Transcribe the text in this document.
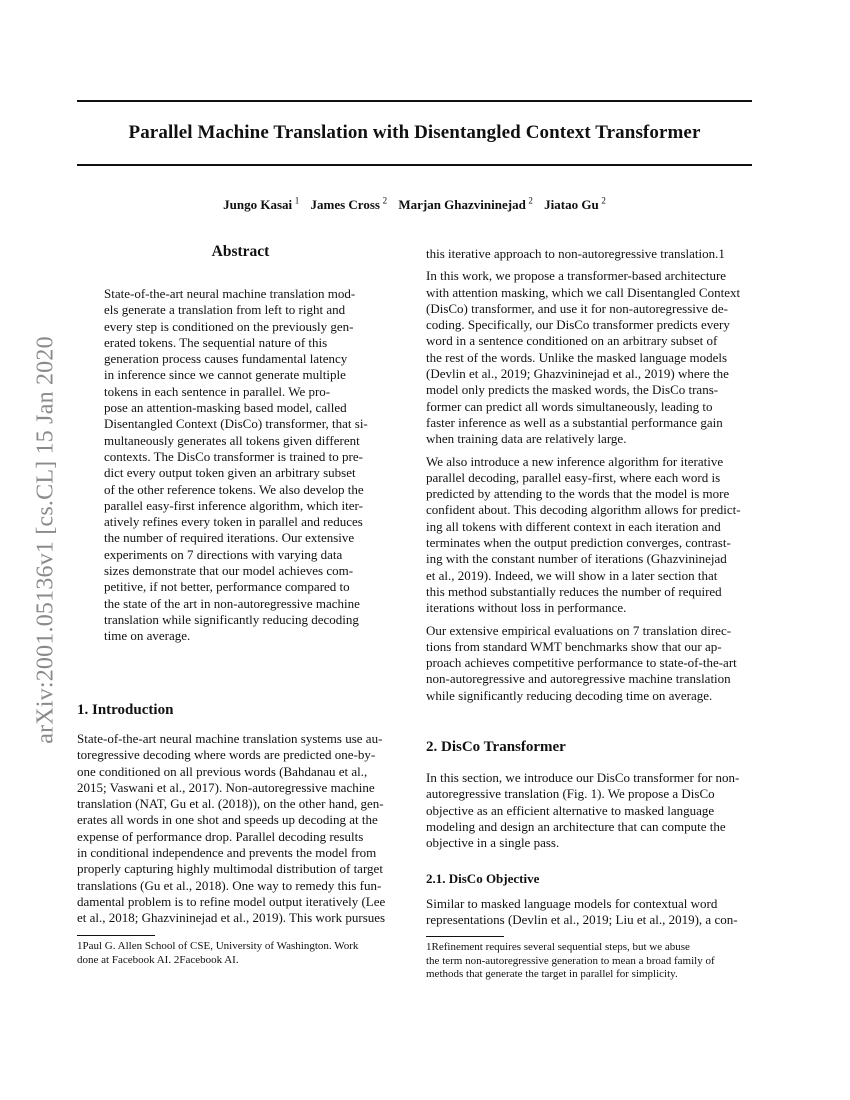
Parallel Machine Translation with Disentangled Context Transformer
Jungo Kasai  $^1$ James Cross  $^2$ Marjan Ghazvininejad  $^2$ Jiatao Gu  $^2$
arXiv:2001.05136v1 [cs.CL] 15 Jan 2020
Abstract
State-of-the-art neural machine translation mod-
els generate a translation from left to right and
every step is conditioned on the previously gen-
erated tokens. The sequential nature of this
generation process causes fundamental latency
in inference since we cannot generate multiple
tokens in each sentence in parallel. We pro-
pose an attention-masking based model, called
Disentangled Context (DisCo) transformer, that si-
multaneously generates all tokens given different
contexts. The DisCo transformer is trained to pre-
dict every output token given an arbitrary subset
of the other reference tokens. We also develop the
parallel easy-first inference algorithm, which iter-
atively refines every token in parallel and reduces
the number of required iterations. Our extensive
experiments on 7 directions with varying data
sizes demonstrate that our model achieves com-
petitive, if not better, performance compared to
the state of the art in non-autoregressive machine
translation while significantly reducing decoding
time on average.
1. Introduction
State-of-the-art neural machine translation systems use au-
toregressive decoding where words are predicted one-by-
one conditioned on all previous words (Bahdanau et al.,
2015; Vaswani et al., 2017). Non-autoregressive machine
translation (NAT, Gu et al. (2018)), on the other hand, gen-
erates all words in one shot and speeds up decoding at the
expense of performance drop. Parallel decoding results
in conditional independence and prevents the model from
properly capturing highly multimodal distribution of target
translations (Gu et al., 2018). One way to remedy this fun-
damental problem is to refine model output iteratively (Lee
et al., 2018; Ghazvininejad et al., 2019). This work pursues
1Paul G. Allen School of CSE, University of Washington. Work
done at Facebook AI. 2Facebook AI.
this iterative approach to non-autoregressive translation.1
In this work, we propose a transformer-based architecture
with attention masking, which we call Disentangled Context
(DisCo) transformer, and use it for non-autoregressive de-
coding. Specifically, our DisCo transformer predicts every
word in a sentence conditioned on an arbitrary subset of
the rest of the words. Unlike the masked language models
(Devlin et al., 2019; Ghazvininejad et al., 2019) where the
model only predicts the masked words, the DisCo trans-
former can predict all words simultaneously, leading to
faster inference as well as a substantial performance gain
when training data are relatively large.
We also introduce a new inference algorithm for iterative
parallel decoding, parallel easy-first, where each word is
predicted by attending to the words that the model is more
confident about. This decoding algorithm allows for predict-
ing all tokens with different context in each iteration and
terminates when the output prediction converges, contrast-
ing with the constant number of iterations (Ghazvininejad
et al., 2019). Indeed, we will show in a later section that
this method substantially reduces the number of required
iterations without loss in performance.
Our extensive empirical evaluations on 7 translation direc-
tions from standard WMT benchmarks show that our ap-
proach achieves competitive performance to state-of-the-art
non-autoregressive and autoregressive machine translation
while significantly reducing decoding time on average.
2. DisCo Transformer
In this section, we introduce our DisCo transformer for non-
autoregressive translation (Fig. 1). We propose a DisCo
objective as an efficient alternative to masked language
modeling and design an architecture that can compute the
objective in a single pass.
2.1. DisCo Objective
Similar to masked language models for contextual word
representations (Devlin et al., 2019; Liu et al., 2019), a con-
1Refinement requires several sequential steps, but we abuse
the term non-autoregressive generation to mean a broad family of
methods that generate the target in parallel for simplicity.
